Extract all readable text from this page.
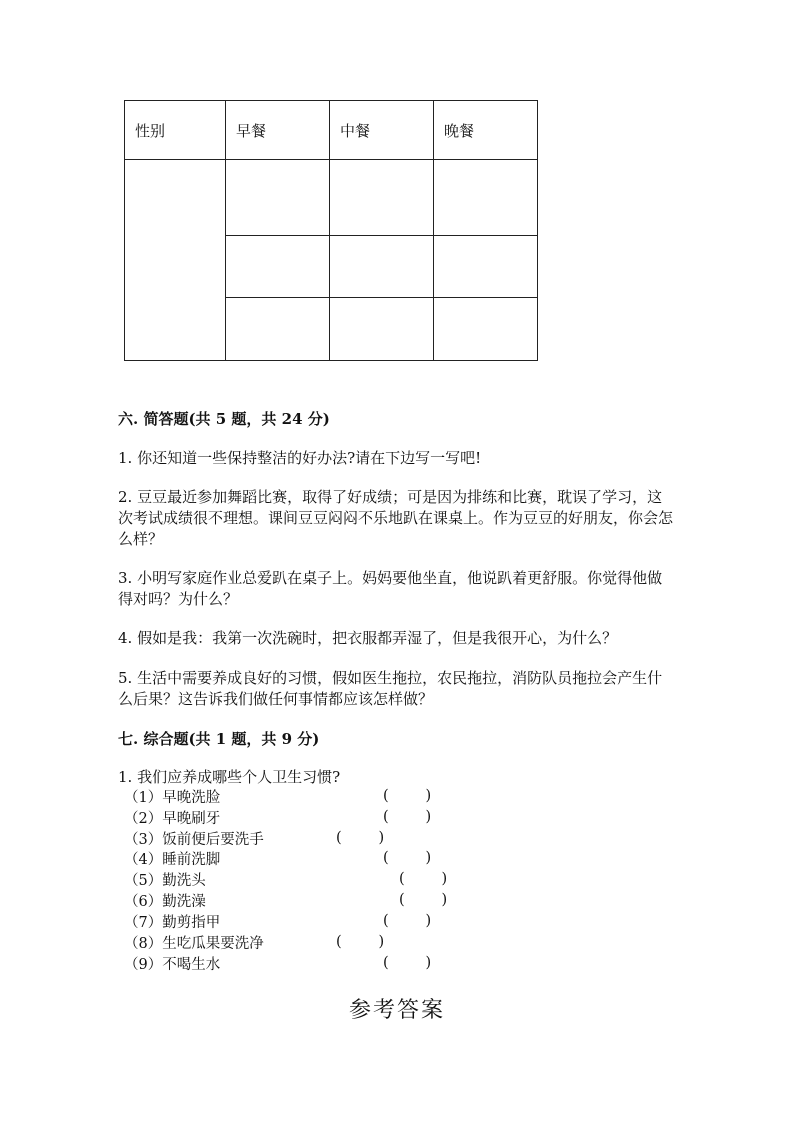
性别	早餐	中餐	晚餐

六. 简答题(共 5 题，共 24 分)
1. 你还知道一些保持整洁的好办法?请在下边写一写吧!
2. 豆豆最近参加舞蹈比赛，取得了好成绩；可是因为排练和比赛，耽误了学习，这次考试成绩很不理想。课间豆豆闷闷不乐地趴在课桌上。作为豆豆的好朋友，你会怎么样？
3. 小明写家庭作业总爱趴在桌子上。妈妈要他坐直，他说趴着更舒服。你觉得他做得对吗？为什么？
4. 假如是我：我第一次洗碗时，把衣服都弄湿了，但是我很开心，为什么？
5. 生活中需要养成良好的习惯，假如医生拖拉，农民拖拉，消防队员拖拉会产生什么后果？这告诉我们做任何事情都应该怎样做？
七. 综合题(共 1 题，共 9 分)
1. 我们应养成哪些个人卫生习惯?
（1）早晚洗脸	(        )
（2）早晚刷牙	(        )
（3）饭前便后要洗手	(        )
（4）睡前洗脚	(        )
（5）勤洗头	(        )
（6）勤洗澡	(        )
（7）勤剪指甲	(        )
（8）生吃瓜果要洗净	(        )
（9）不喝生水	(        )
参考答案
